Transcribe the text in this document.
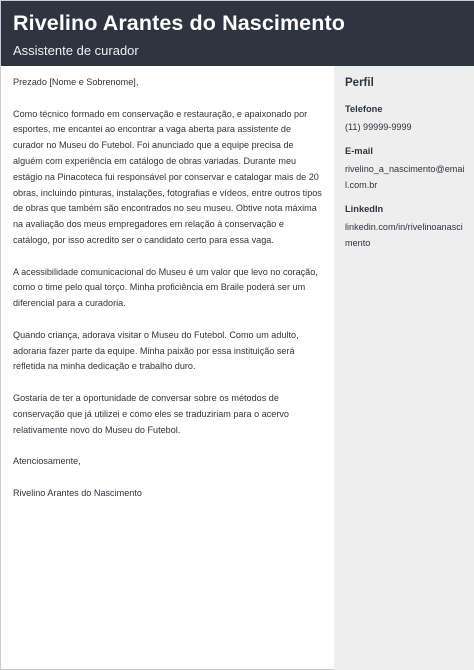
Rivelino Arantes do Nascimento
Assistente de curador

Prezado [Nome e Sobrenome],

Como técnico formado em conservação e restauração, e apaixonado por esportes, me encantei ao encontrar a vaga aberta para assistente de curador no Museu do Futebol. Foi anunciado que a equipe precisa de alguém com experiência em catálogo de obras variadas. Durante meu estágio na Pinacoteca fui responsável por conservar e catalogar mais de 20 obras, incluindo pinturas, instalações, fotografias e vídeos, entre outros tipos de obras que também são encontrados no seu museu. Obtive nota máxima na avaliação dos meus empregadores em relação à conservação e catálogo, por isso acredito ser o candidato certo para essa vaga.

A acessibilidade comunicacional do Museu é um valor que levo no coração, como o time pelo qual torço. Minha proficiência em Braile poderá ser um diferencial para a curadoria.

Quando criança, adorava visitar o Museu do Futebol. Como um adulto, adoraria fazer parte da equipe. Minha paixão por essa instituição será refletida na minha dedicação e trabalho duro.

Gostaria de ter a oportunidade de conversar sobre os métodos de conservação que já utilizei e como eles se traduziriam para o acervo relativamente novo do Museu do Futebol.

Atenciosamente,

Rivelino Arantes do Nascimento

Perfil
Telefone
(11) 99999-9999
E-mail
rivelino_a_nascimento@email.com.br
LinkedIn
linkedin.com/in/rivelinoanascimento
